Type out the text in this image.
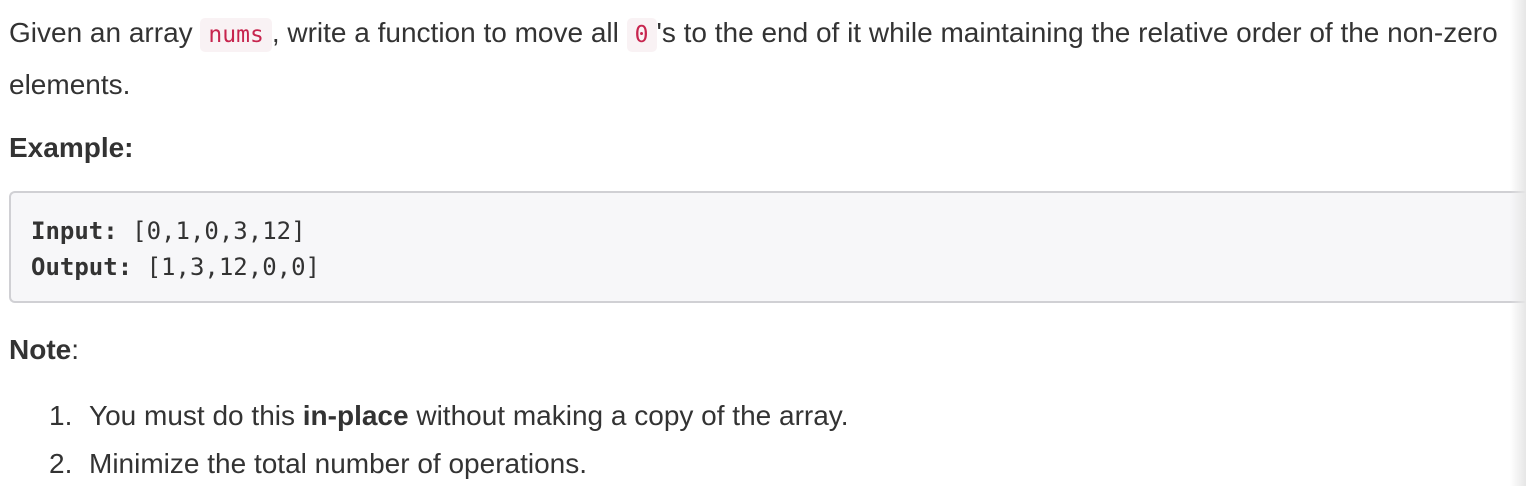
Given an array nums , write a function to move all 0 's to the end of it while maintaining the relative order of the non-zero elements.

Example:

Input: [0,1,0,3,12]
Output: [1,3,12,0,0]

Note:

1. You must do this in-place without making a copy of the array.
2. Minimize the total number of operations.
